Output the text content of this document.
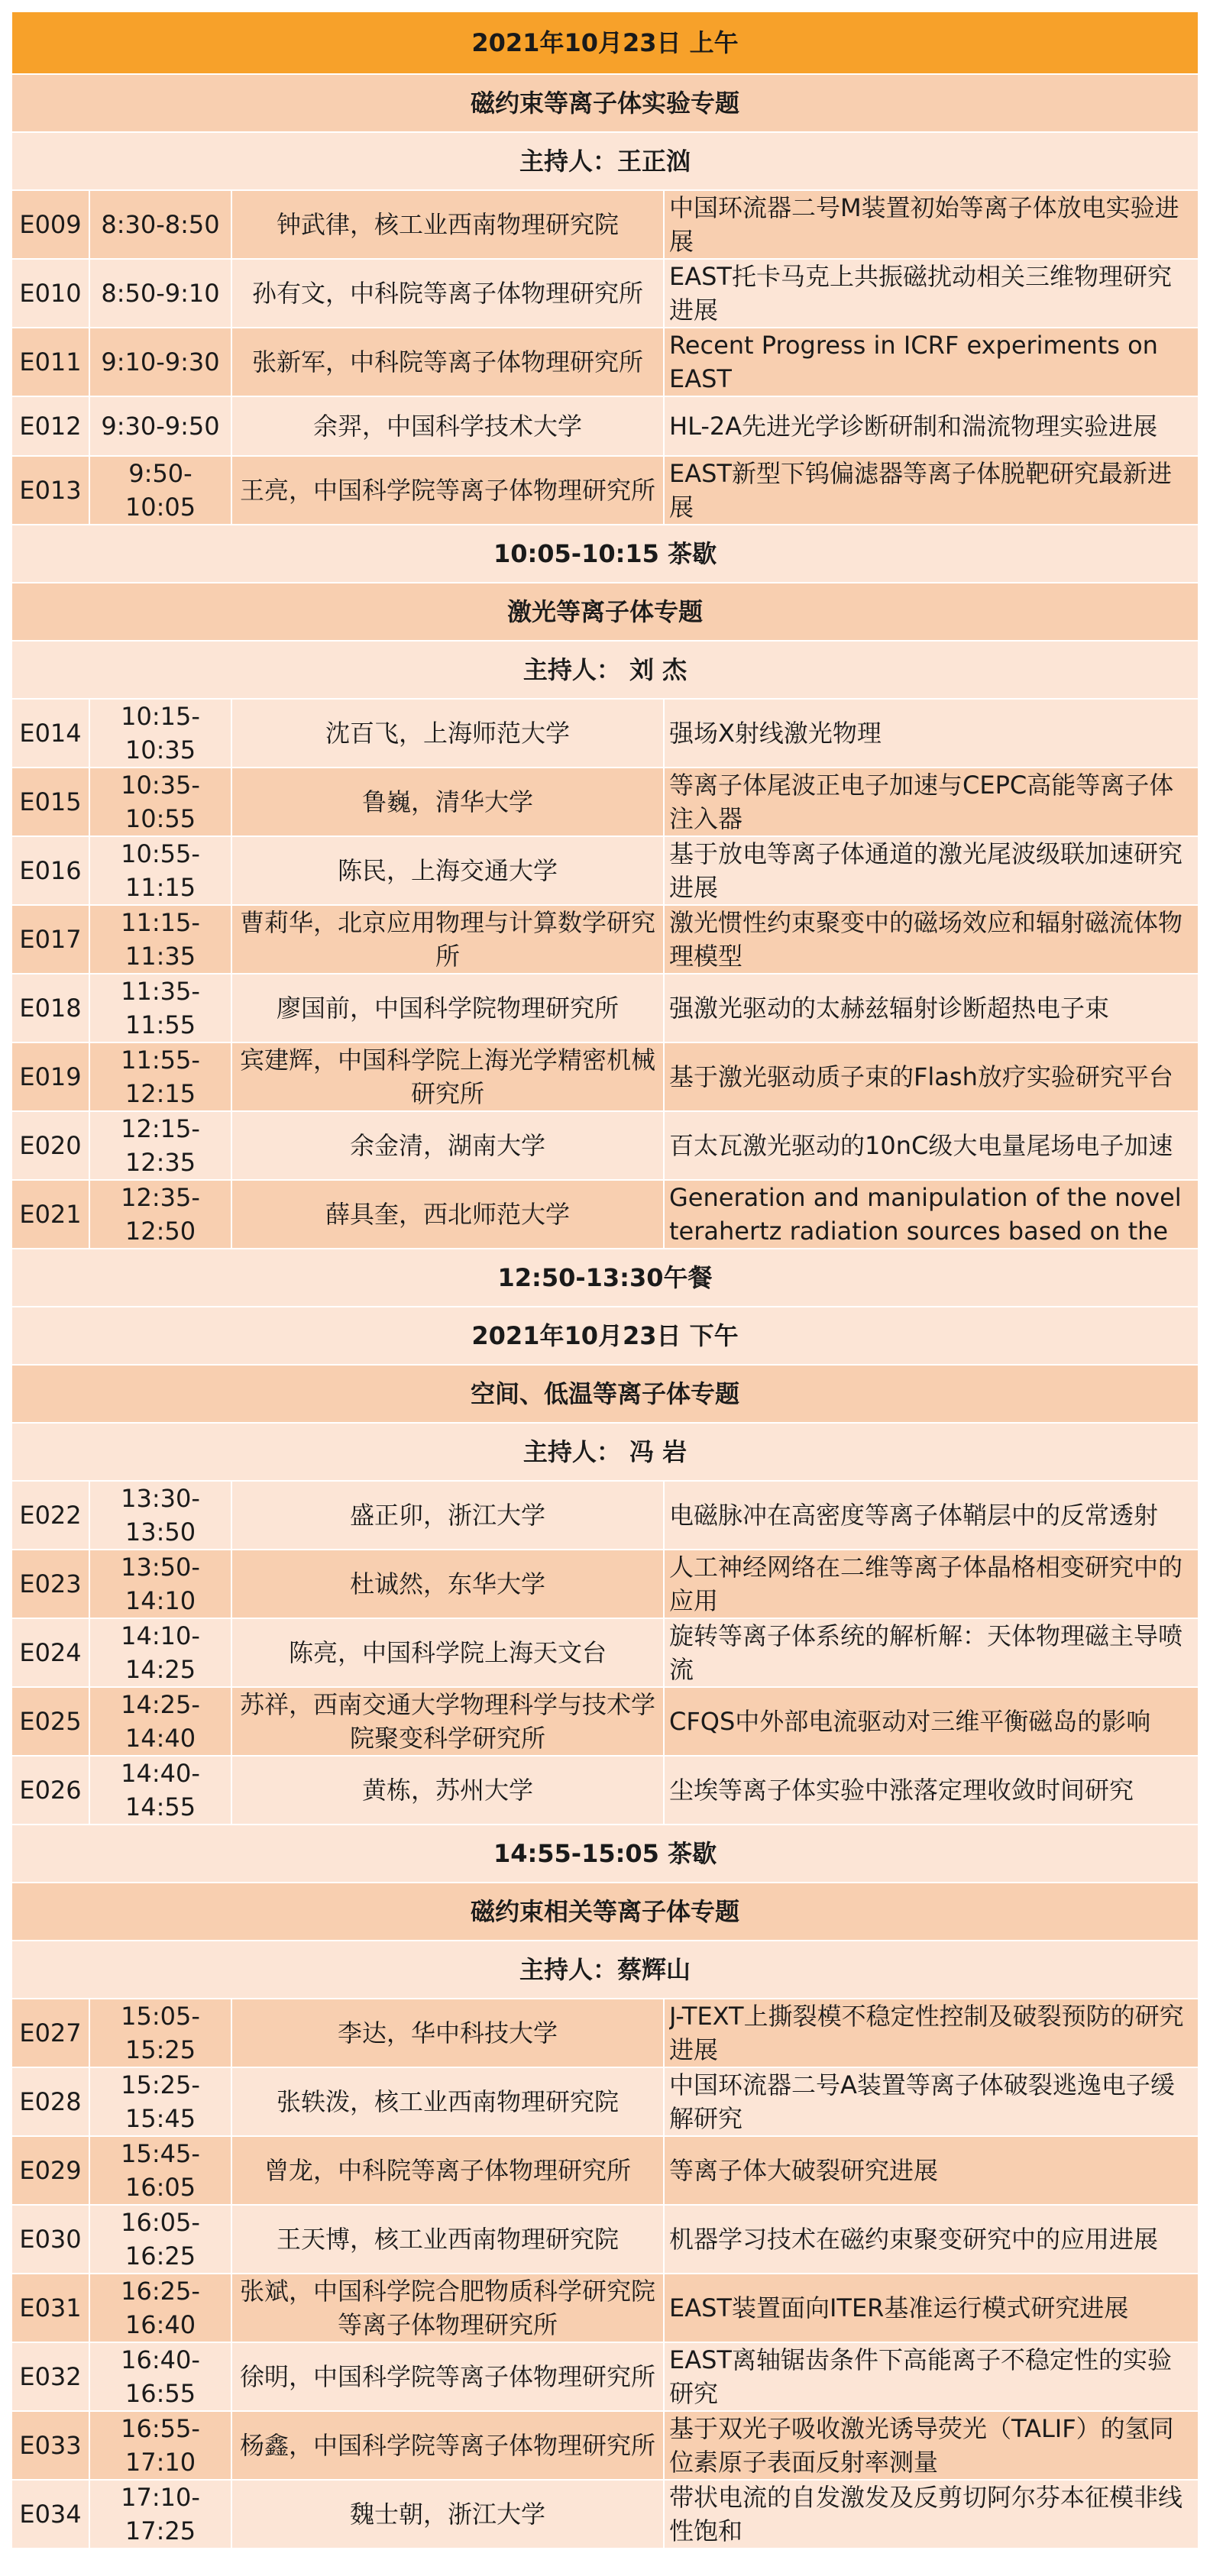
2021年10月23日 上午			
磁约束等离子体实验专题			
主持人：王正汹			

E009	8:30-8:50	钟武律，核工业西南物理研究院	中国环流器二号M装置初始等离子体放电实验进展

E010	8:50-9:10	孙有文，中科院等离子体物理研究所	EAST托卡马克上共振磁扰动相关三维物理研究进展

E011	9:10-9:30	张新军，中科院等离子体物理研究所	Recent Progress in ICRF experiments on EAST

E012	9:30-9:50	余羿，中国科学技术大学	HL-2A先进光学诊断研制和湍流物理实验进展

E013	9:50-10:05	王亮，中国科学院等离子体物理研究所	EAST新型下钨偏滤器等离子体脱靶研究最新进展

10:05-10:15 茶歇			
激光等离子体专题			
主持人： 刘 杰			

E014	10:15-10:35	沈百飞，上海师范大学	强场X射线激光物理

E015	10:35-10:55	鲁巍，清华大学	等离子体尾波正电子加速与CEPC高能等离子体注入器

E016	10:55-11:15	陈民，上海交通大学	基于放电等离子体通道的激光尾波级联加速研究进展

E017	11:15-11:35	曹莉华，北京应用物理与计算数学研究所	激光惯性约束聚变中的磁场效应和辐射磁流体物理模型

E018	11:35-11:55	廖国前，中国科学院物理研究所	强激光驱动的太赫兹辐射诊断超热电子束

E019	11:55-12:15	宾建辉，中国科学院上海光学精密机械研究所	基于激光驱动质子束的Flash放疗实验研究平台

E020	12:15-12:35	余金清，湖南大学	百太瓦激光驱动的10nC级大电量尾场电子加速

E021	12:35-12:50	薛具奎，西北师范大学	Generation and manipulation of the novel terahertz radiation sources based on the

12:50-13:30午餐			
2021年10月23日 下午			
空间、低温等离子体专题			
主持人： 冯 岩			

E022	13:30-13:50	盛正卯，浙江大学	电磁脉冲在高密度等离子体鞘层中的反常透射

E023	13:50-14:10	杜诚然，东华大学	人工神经网络在二维等离子体晶格相变研究中的应用

E024	14:10-14:25	陈亮，中国科学院上海天文台	旋转等离子体系统的解析解：天体物理磁主导喷流

E025	14:25-14:40	苏祥，西南交通大学物理科学与技术学院聚变科学研究所	CFQS中外部电流驱动对三维平衡磁岛的影响

E026	14:40-14:55	黄栋，苏州大学	尘埃等离子体实验中涨落定理收敛时间研究

14:55-15:05 茶歇			
磁约束相关等离子体专题			
主持人：蔡辉山			

E027	15:05-15:25	李达，华中科技大学	J-TEXT上撕裂模不稳定性控制及破裂预防的研究进展

E028	15:25-15:45	张轶泼，核工业西南物理研究院	中国环流器二号A装置等离子体破裂逃逸电子缓解研究

E029	15:45-16:05	曾龙，中科院等离子体物理研究所	等离子体大破裂研究进展

E030	16:05-16:25	王天博，核工业西南物理研究院	机器学习技术在磁约束聚变研究中的应用进展

E031	16:25-16:40	张斌，中国科学院合肥物质科学研究院等离子体物理研究所	EAST装置面向ITER基准运行模式研究进展

E032	16:40-16:55	徐明，中国科学院等离子体物理研究所	EAST离轴锯齿条件下高能离子不稳定性的实验研究

E033	16:55-17:10	杨鑫，中国科学院等离子体物理研究所	基于双光子吸收激光诱导荧光（TALIF）的氢同位素原子表面反射率测量

E034	17:10-17:25	魏士朝，浙江大学	带状电流的自发激发及反剪切阿尔芬本征模非线性饱和
